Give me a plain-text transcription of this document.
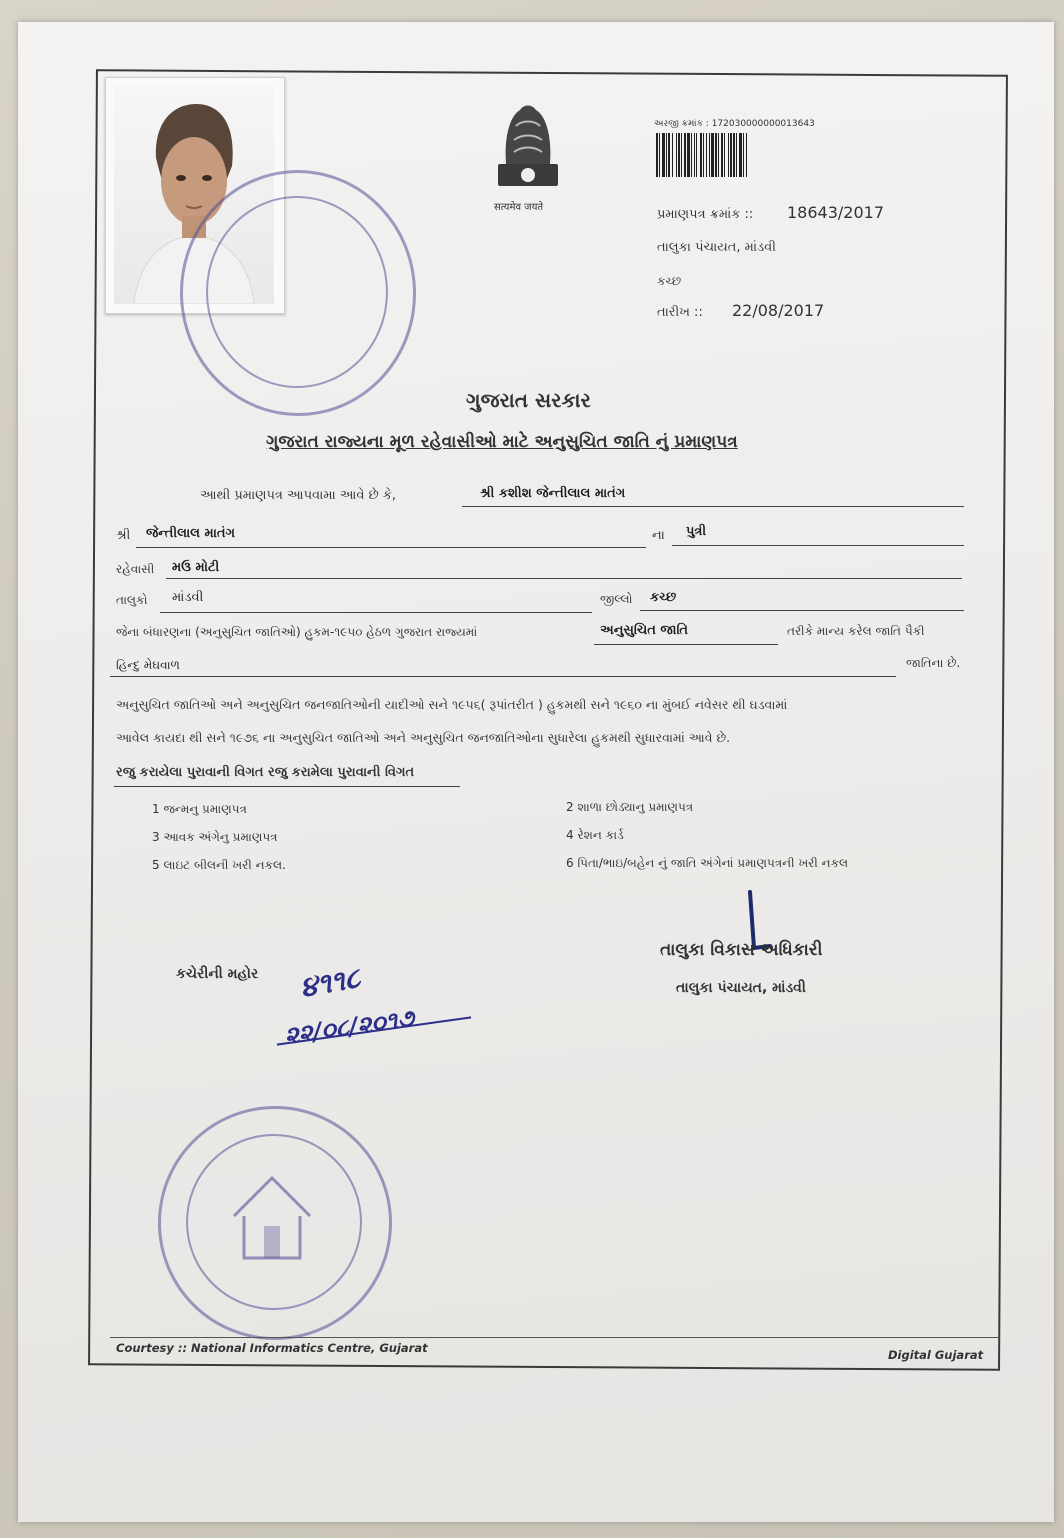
सत्यमेव जयते
અરજી ક્રમાંક : 172030000000013643
પ્રમાણપત્ર ક્રમાંક :: 18643/2017
તાલુકા પંચાયત, માંડવી
કચ્છ
તારીખ :: 22/08/2017
ગુજરાત સરકાર
ગુજરાત રાજ્યના મૂળ રહેવાસીઓ માટે અનુસુચિત જાતિ નું પ્રમાણપત્ર
આથી પ્રમાણપત્ર આપવામા આવે છે કે,	શ્રી કશીશ જેન્તીલાલ માતંગ
શ્રી જેન્તીલાલ માતંગ	ના પુત્રી
રહેવાસી મઉ મોટી
તાલુકો માંડવી	જીલ્લો કચ્છ
જેના બંધારણના (અનુસુચિત જાતિઓ) હુકમ-૧૯૫૦ હેઠળ ગુજરાત રાજ્યમાં	અનુસુચિત જાતિ	તરીકે માન્ય કરેલ જાતિ પૈકી
હિન્દુ મેઘવાળ	જાતિના છે.
અનુસુચિત જાતિઓ અને અનુસુચિત જનજાતિઓની યાદીઓ સને ૧૯૫૬( રૂપાંતરીત ) હુકમથી સને ૧૯૬૦ ના મુંબઈ નવેસર થી ઘડવામાં
આવેલ કાયદા થી સને ૧૯૭૬ ના અનુસુચિત જાતિઓ અને અનુસુચિત જનજાતિઓના સુધારેલા હુકમથી સુધારવામાં આવે છે.
રજુ કરાયેલા પુરાવાની વિગત રજુ કરામેલા પુરાવાની વિગત
1 જન્મનુ પ્રમાણપત્ર	2 શાળા છોડ્યાનુ પ્રમાણપત્ર
3 આવક અંગેનુ પ્રમાણપત્ર	4 રેશન કાર્ડ
5 લાઇટ બીલની ખરી નકલ.	6 પિતા/ભાઇ/બહેન નું જાતિ અંગેનાં પ્રમાણપત્રની ખરી નકલ
તાલુકા વિકાસ અધિકારી
તાલુકા પંચાયત, માંડવી
કચેરીની મહોર ૪૧૧૮
૨૨/૦૮/૨૦૧૭
Courtesy :: National Informatics Centre, Gujarat	Digital Gujarat
